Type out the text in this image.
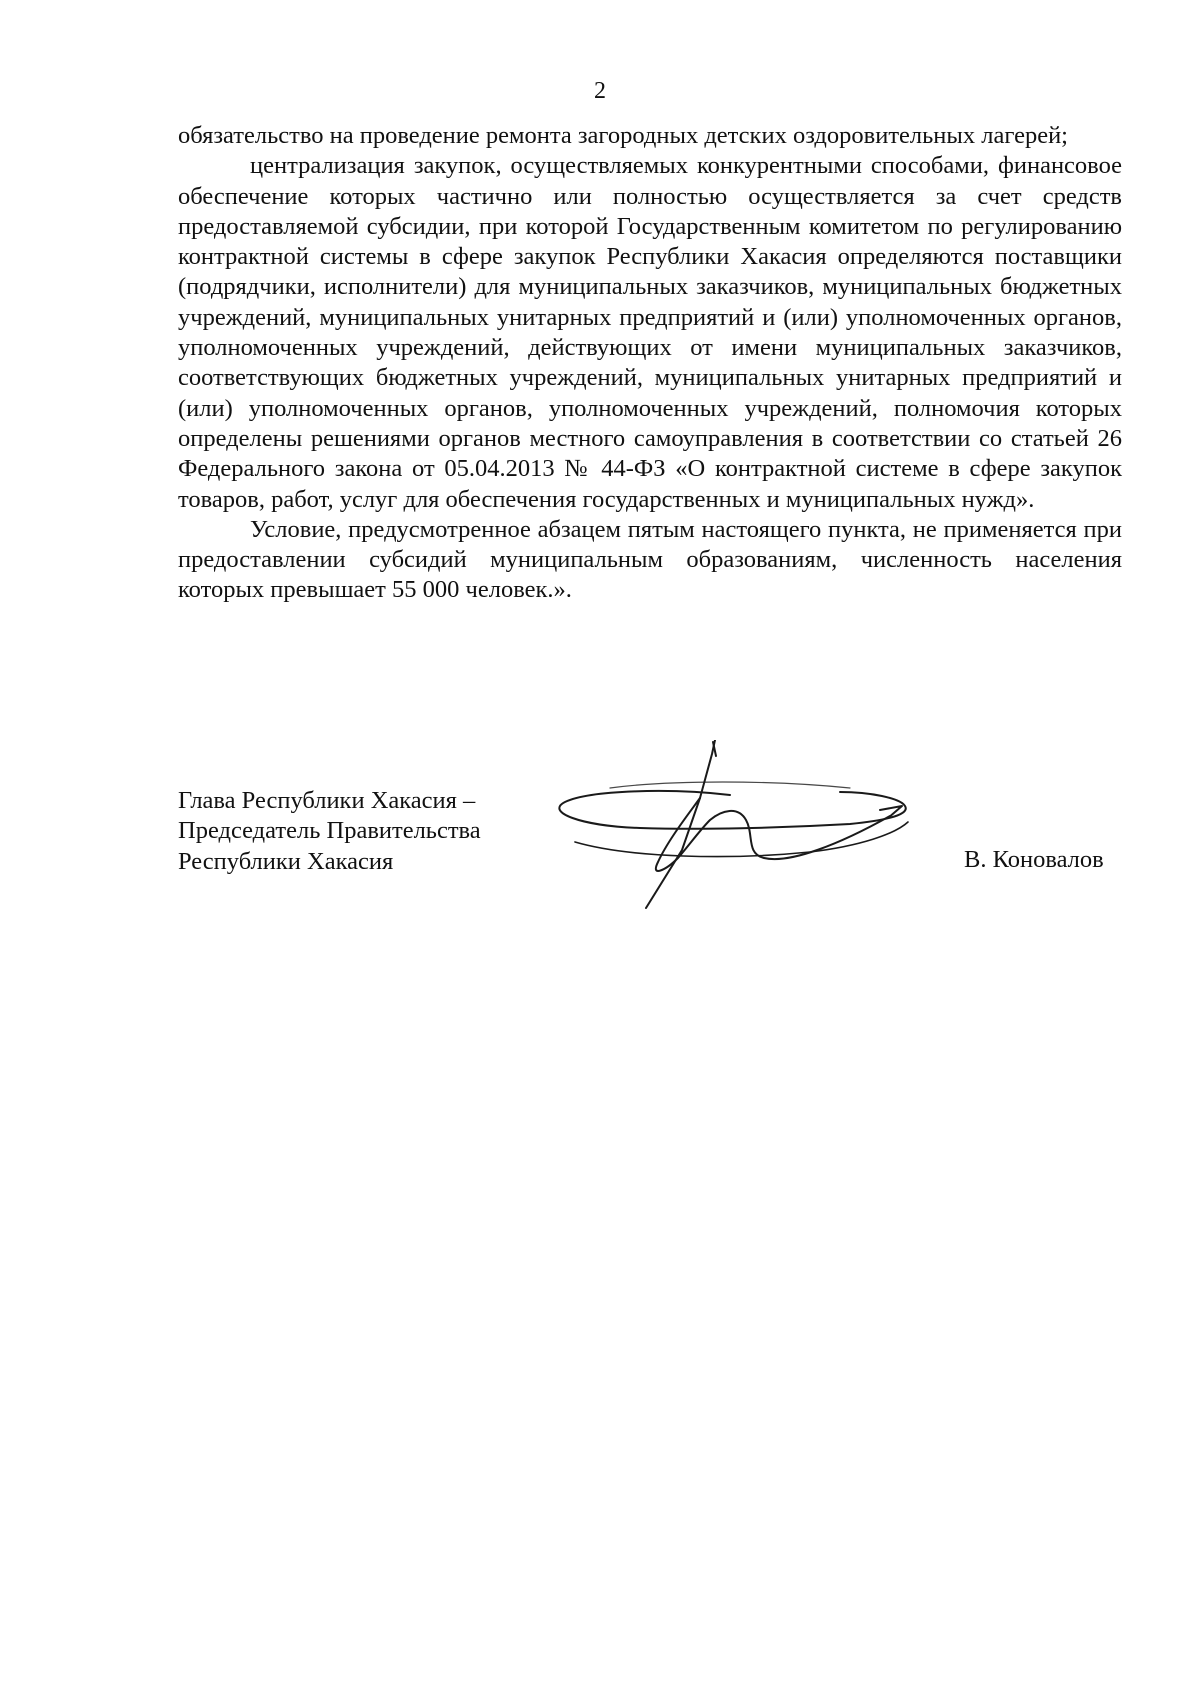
2

обязательство на проведение ремонта загородных детских оздоровительных лагерей;

централизация закупок, осуществляемых конкурентными способами, финансовое обеспечение которых частично или полностью осуществляется за счет средств предоставляемой субсидии, при которой Государственным комитетом по регулированию контрактной системы в сфере закупок Республики Хакасия определяются поставщики (подрядчики, исполнители) для муниципальных заказчиков, муниципальных бюджетных учреждений, муниципальных унитарных предприятий и (или) уполномоченных органов, уполномоченных учреждений, действующих от имени муниципальных заказчиков, соответствующих бюджетных учреждений, муниципальных унитарных предприятий и (или) уполномоченных органов, уполномоченных учреждений, полномочия которых определены решениями органов местного самоуправления в соответствии со статьей 26 Федерального закона от 05.04.2013 № 44-ФЗ «О контрактной системе в сфере закупок товаров, работ, услуг для обеспечения государственных и муниципальных нужд».

Условие, предусмотренное абзацем пятым настоящего пункта, не применяется при предоставлении субсидий муниципальным образованиям, численность населения которых превышает 55 000 человек.».

Глава Республики Хакасия –
Председатель Правительства
Республики Хакасия	В. Коновалов
